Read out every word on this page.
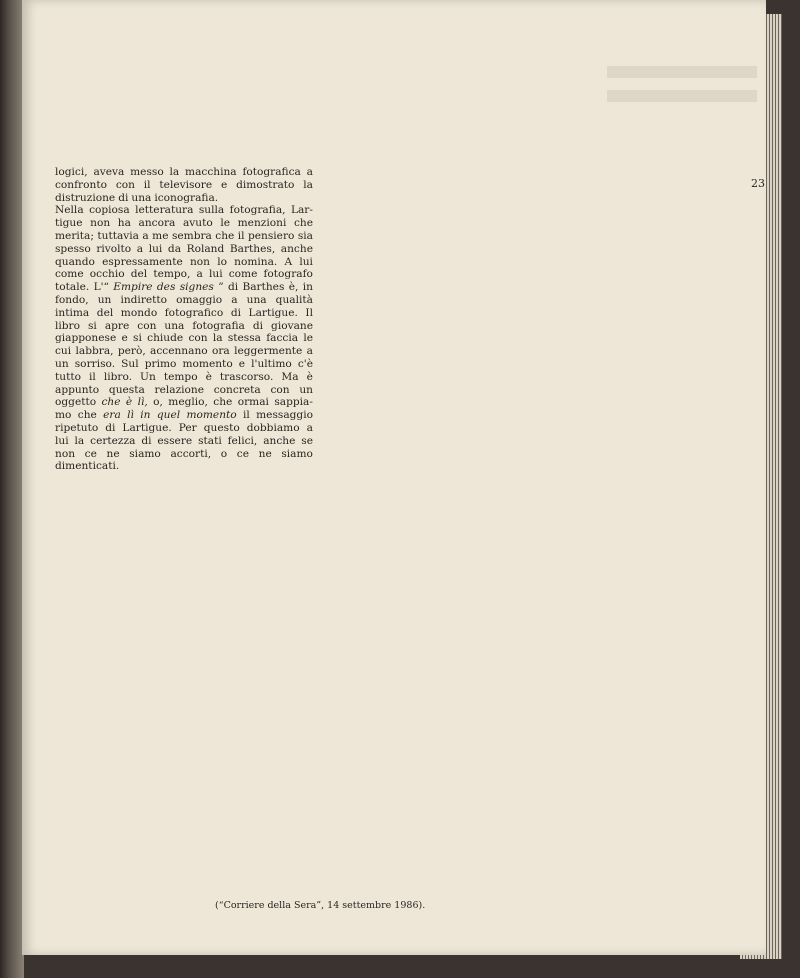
logici, aveva messo la macchina fotografica a
confronto con il televisore e dimostrato la
distruzione di una iconografia.
Nella copiosa letteratura sulla fotografia, Lar-
tigue non ha ancora avuto le menzioni che
merita; tuttavia a me sembra che il pensiero sia
spesso rivolto a lui da Roland Barthes, anche
quando espressamente non lo nomina. A lui
come occhio del tempo, a lui come fotografo
totale. L'“ Empire des signes ” di Barthes è, in
fondo, un indiretto omaggio a una qualità
intima del mondo fotografico di Lartigue. Il
libro si apre con una fotografia di giovane
giapponese e si chiude con la stessa faccia le
cui labbra, però, accennano ora leggermente a
un sorriso. Sul primo momento e l'ultimo c'è
tutto il libro. Un tempo è trascorso. Ma è
appunto questa relazione concreta con un
oggetto che è lì, o, meglio, che ormai sappia-
mo che era lì in quel momento il messaggio
ripetuto di Lartigue. Per questo dobbiamo a
lui la certezza di essere stati felici, anche se
non ce ne siamo accorti, o ce ne siamo
dimenticati.
23
(“Corriere della Sera”, 14 settembre 1986).
